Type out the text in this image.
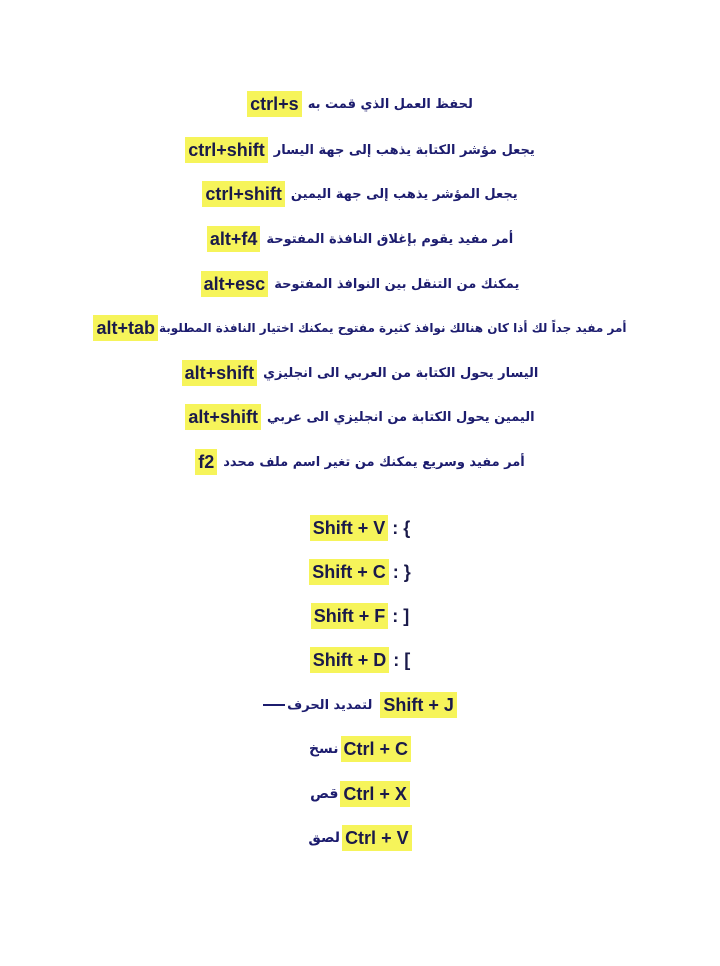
ctrl+s لحفظ العمل الذي قمت به
ctrl+shift يجعل مؤشر الكتابة يذهب إلى جهة اليسار
ctrl+shift يجعل المؤشر يذهب إلى جهة اليمين
alt+f4 أمر مفيد يقوم بإغلاق النافذة المفتوحة
alt+esc يمكنك من التنقل بين النوافذ المفتوحة
alt+tab أمر مفيد جداً لك أذا كان هنالك نوافذ كثيرة مفتوح يمكنك اختيار النافذة المطلوبة
alt+shift اليسار يحول الكتابة من العربي الى انجليزي
alt+shift اليمين يحول الكتابة من انجليزي الى عربي
f2 أمر مفيد وسريع يمكنك من تغير اسم ملف محدد
Shift + V : {
Shift + C : }
Shift + F : ]
Shift + D : [
لتمديد الحرف Shift + J
نسخ Ctrl + C
قص Ctrl + X
لصق Ctrl + V
